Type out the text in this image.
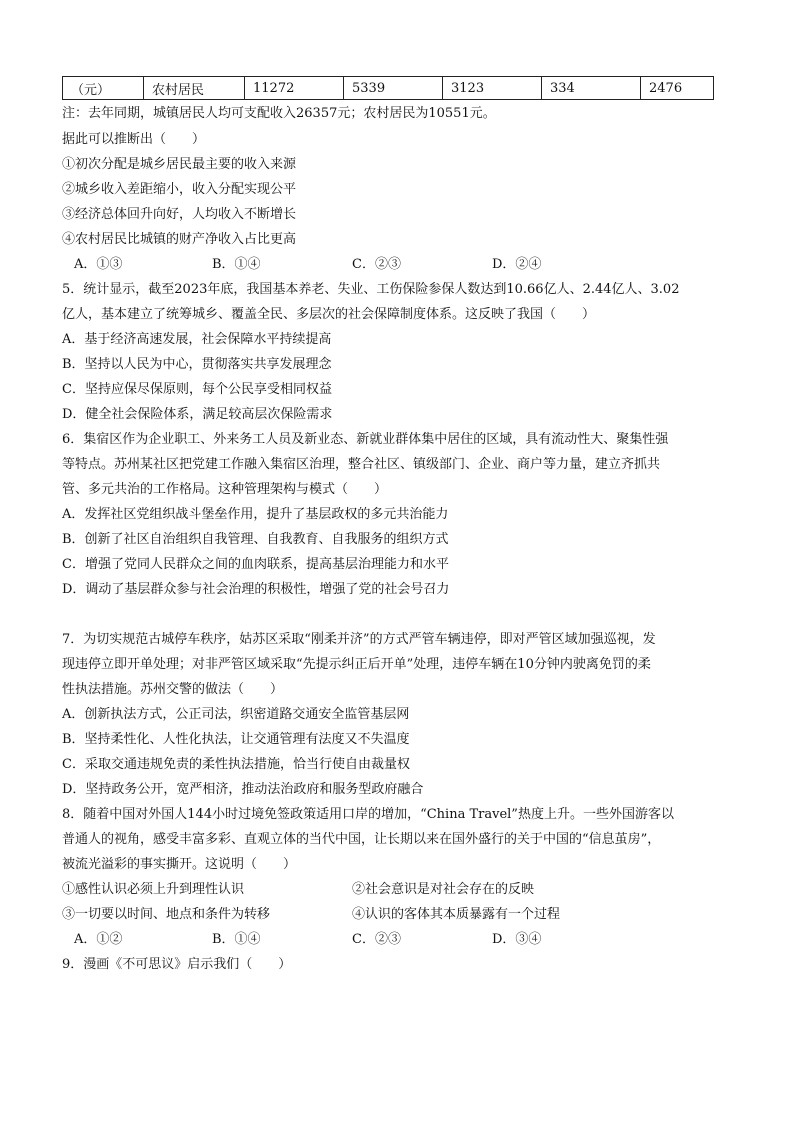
（元）	农村居民	11272	5339	3123	334	2476
注：去年同期，城镇居民人均可支配收入26357元；农村居民为10551元。
据此可以推断出（　　）
①初次分配是城乡居民最主要的收入来源
②城乡收入差距缩小，收入分配实现公平
③经济总体回升向好，人均收入不断增长
④农村居民比城镇的财产净收入占比更高
A．①③	B．①④	C．②③	D．②④
5．统计显示，截至2023年底，我国基本养老、失业、工伤保险参保人数达到10.66亿人、2.44亿人、3.02
亿人，基本建立了统筹城乡、覆盖全民、多层次的社会保障制度体系。这反映了我国（　　）
A．基于经济高速发展，社会保障水平持续提高
B．坚持以人民为中心，贯彻落实共享发展理念
C．坚持应保尽保原则，每个公民享受相同权益
D．健全社会保险体系，满足较高层次保险需求
6．集宿区作为企业职工、外来务工人员及新业态、新就业群体集中居住的区域，具有流动性大、聚集性强
等特点。苏州某社区把党建工作融入集宿区治理，整合社区、镇级部门、企业、商户等力量，建立齐抓共
管、多元共治的工作格局。这种管理架构与模式（　　）
A．发挥社区党组织战斗堡垒作用，提升了基层政权的多元共治能力
B．创新了社区自治组织自我管理、自我教育、自我服务的组织方式
C．增强了党同人民群众之间的血肉联系，提高基层治理能力和水平
D．调动了基层群众参与社会治理的积极性，增强了党的社会号召力
7．为切实规范古城停车秩序，姑苏区采取“刚柔并济”的方式严管车辆违停，即对严管区域加强巡视，发
现违停立即开单处理；对非严管区域采取“先提示纠正后开单”处理，违停车辆在10分钟内驶离免罚的柔
性执法措施。苏州交警的做法（　　）
A．创新执法方式，公正司法，织密道路交通安全监管基层网
B．坚持柔性化、人性化执法，让交通管理有法度又不失温度
C．采取交通违规免责的柔性执法措施，恰当行使自由裁量权
D．坚持政务公开，宽严相济，推动法治政府和服务型政府融合
8．随着中国对外国人144小时过境免签政策适用口岸的增加，“China Travel”热度上升。一些外国游客以
普通人的视角，感受丰富多彩、直观立体的当代中国，让长期以来在国外盛行的关于中国的“信息茧房”，
被流光溢彩的事实撕开。这说明（　　）
①感性认识必须上升到理性认识	②社会意识是对社会存在的反映
③一切要以时间、地点和条件为转移	④认识的客体其本质暴露有一个过程
A．①②	B．①④	C．②③	D．③④
9．漫画《不可思议》启示我们（　　）
